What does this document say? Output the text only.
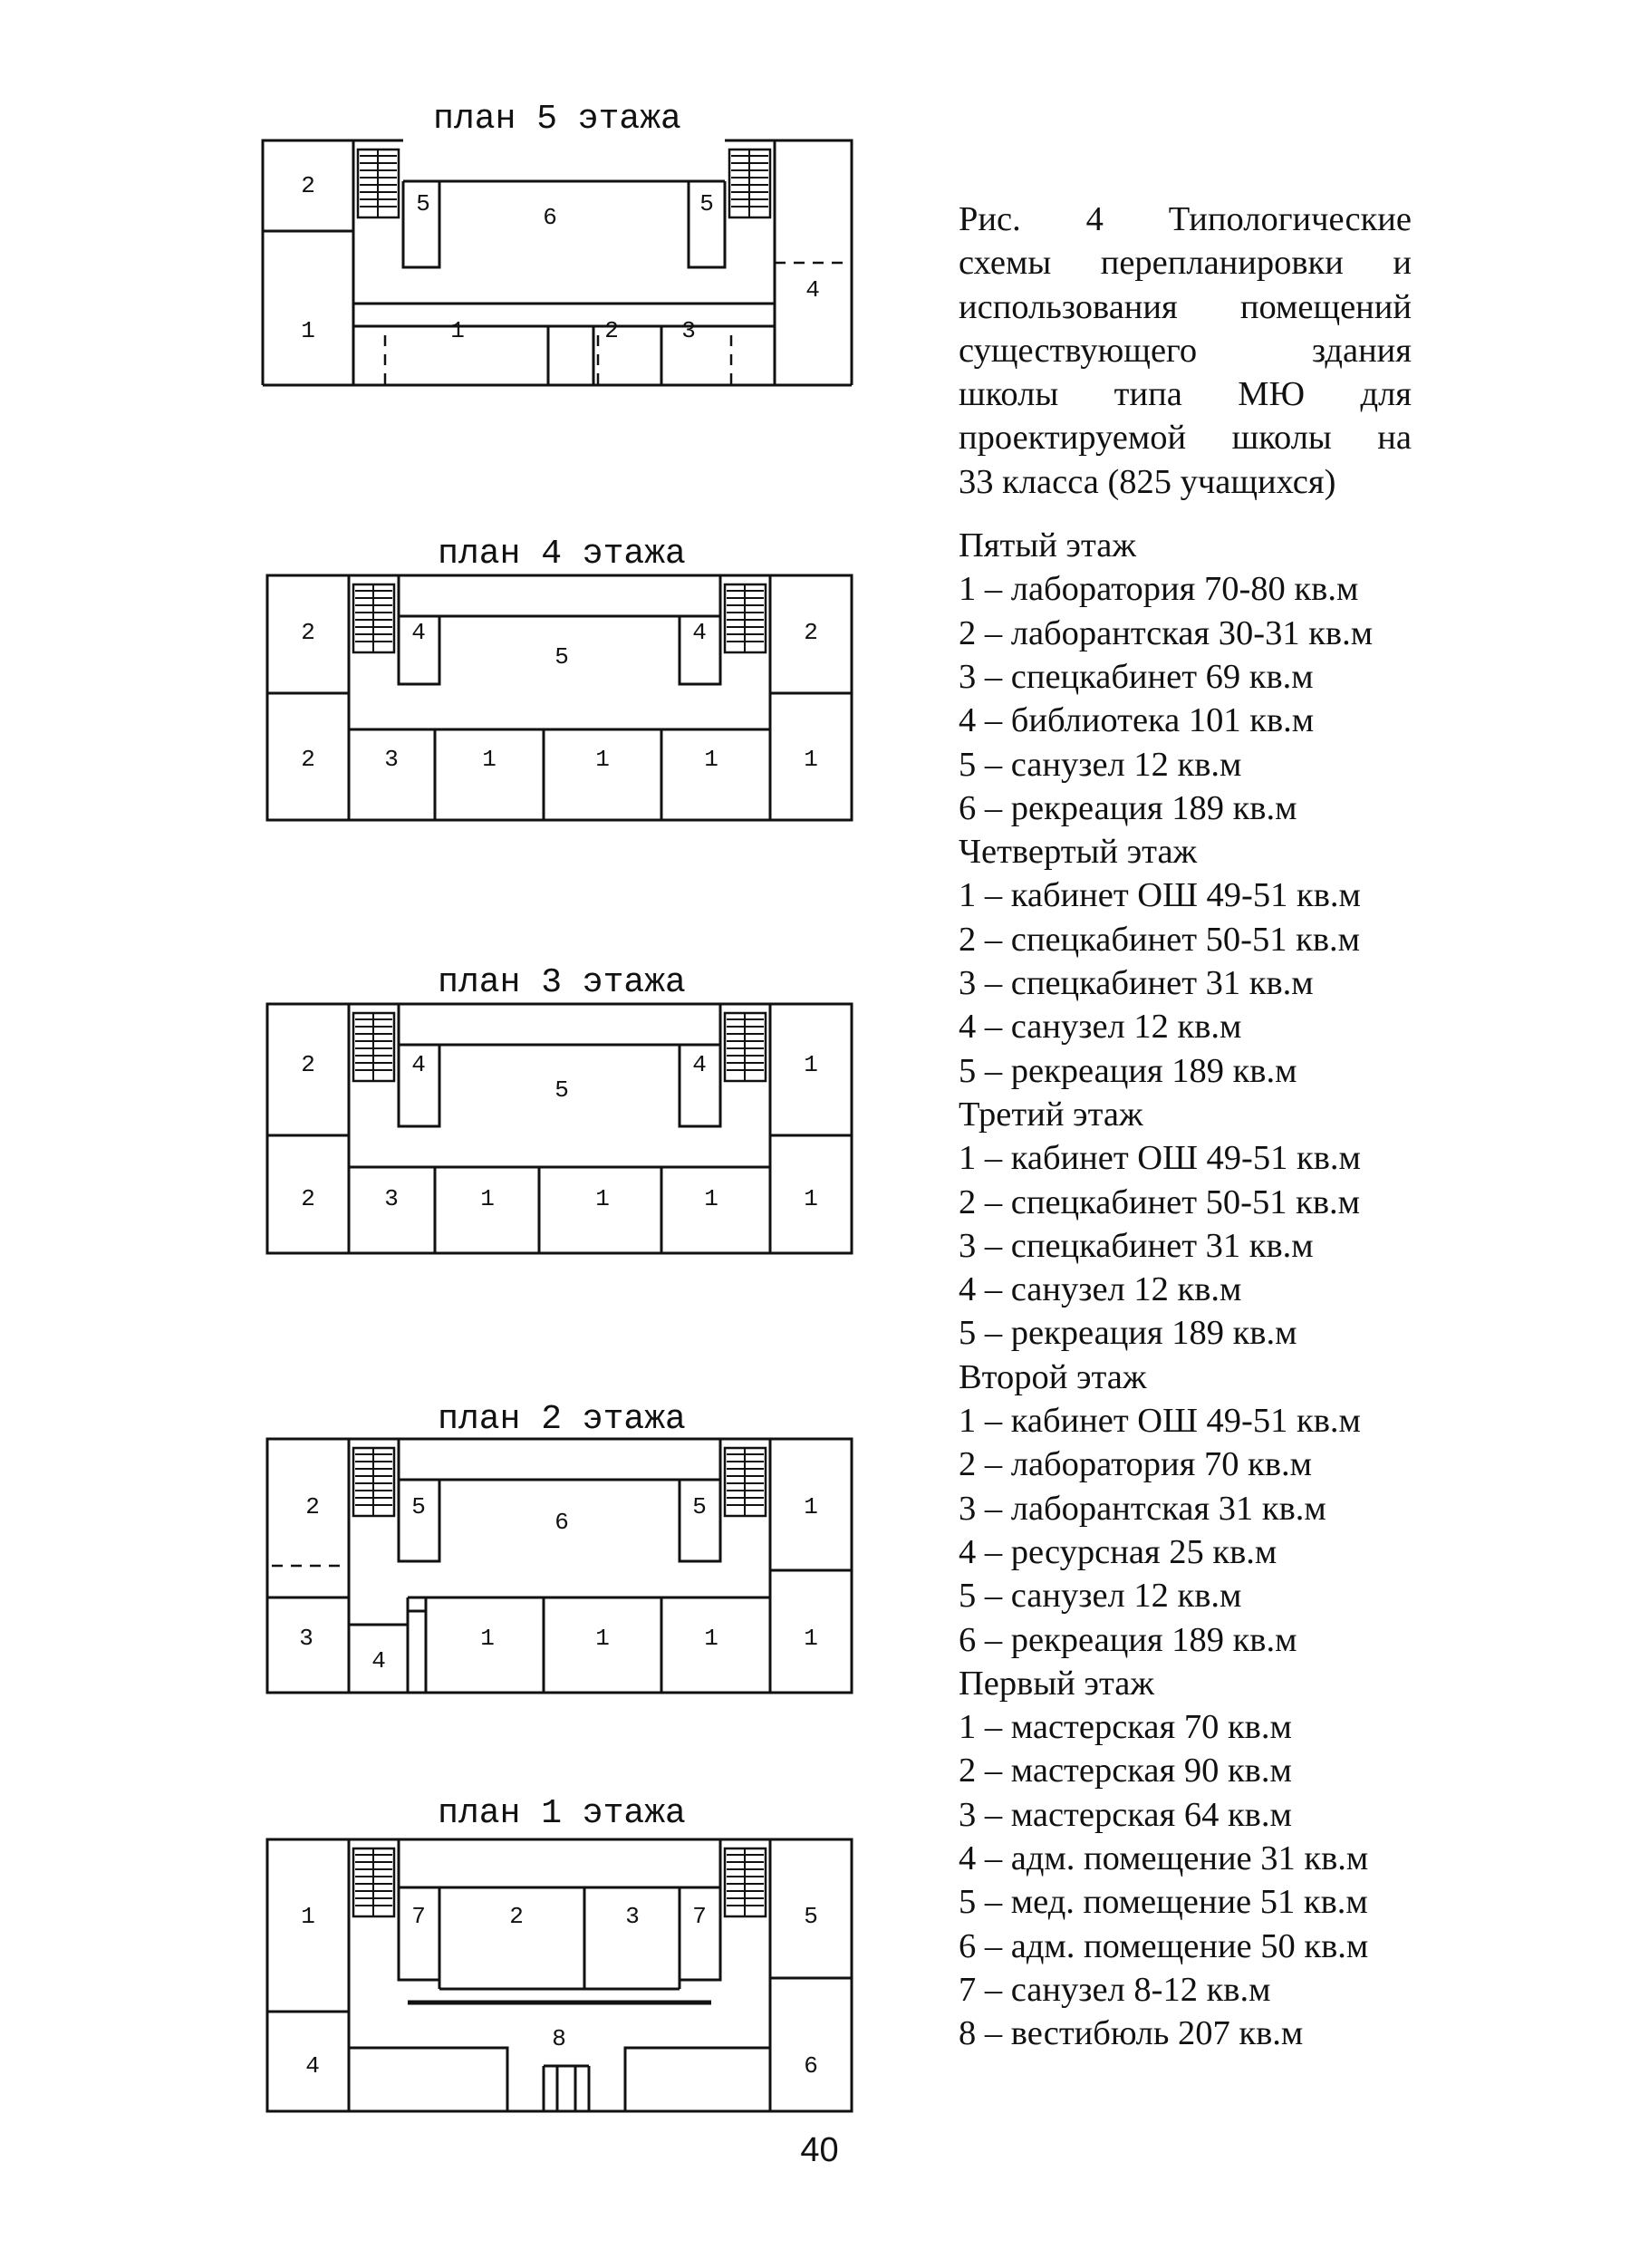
план 5 этажа
2
5	6	5
4
1	1	2	3
план 4 этажа
2	4
5
4	2
2	3	1	1	1	1
план 3 этажа
2	4
5
4	1
2	3	1	1	1	1
план 2 этажа
2	5
6
5	1
3
4
1	1	1	1
план 1 этажа
1	7	2	3 7	5
4
8
6
Рис. 4 Типологические
схемы перепланировки и
использования помещений
существующего здания
школы типа МЮ для
проектируемой школы на
33 класса (825 учащихся)
Пятый этаж
1 – лаборатория 70-80 кв.м
2 – лаборантская 30-31 кв.м
3 – спецкабинет 69 кв.м
4 – библиотека 101 кв.м
5 – санузел 12 кв.м
6 – рекреация 189 кв.м
Четвертый этаж
1 – кабинет ОШ 49-51 кв.м
2 – спецкабинет 50-51 кв.м
3 – спецкабинет 31 кв.м
4 – санузел 12 кв.м
5 – рекреация 189 кв.м
Третий этаж
1 – кабинет ОШ 49-51 кв.м
2 – спецкабинет 50-51 кв.м
3 – спецкабинет 31 кв.м
4 – санузел 12 кв.м
5 – рекреация 189 кв.м
Второй этаж
1 – кабинет ОШ 49-51 кв.м
2 – лаборатория 70 кв.м
3 – лаборантская 31 кв.м
4 – ресурсная 25 кв.м
5 – санузел 12 кв.м
6 – рекреация 189 кв.м
Первый этаж
1 – мастерская 70 кв.м
2 – мастерская 90 кв.м
3 – мастерская 64 кв.м
4 – адм. помещение 31 кв.м
5 – мед. помещение 51 кв.м
6 – адм. помещение 50 кв.м
7 – санузел 8-12 кв.м
8 – вестибюль 207 кв.м
40
